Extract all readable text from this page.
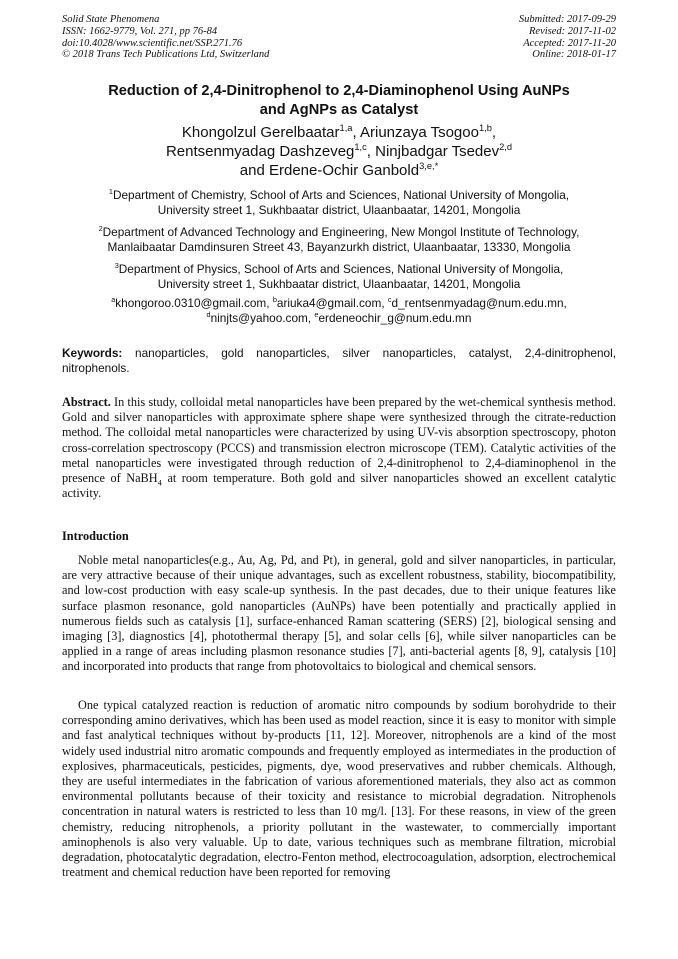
Solid State Phenomena
ISSN: 1662-9779, Vol. 271, pp 76-84
doi:10.4028/www.scientific.net/SSP.271.76
© 2018 Trans Tech Publications Ltd, Switzerland
Submitted: 2017-09-29
Revised: 2017-11-02
Accepted: 2017-11-20
Online: 2018-01-17
Reduction of 2,4-Dinitrophenol to 2,4-Diaminophenol Using AuNPs
and AgNPs as Catalyst
Khongolzul Gerelbaatar$^{1,a}$, Ariunzaya Tsogoo$^{1,b}$,
Rentsenmyadag Dashzeveg$^{1,c}$, Ninjbadgar Tsedev$^{2,d}$
and Erdene-Ochir Ganbold$^{3,e,*}$
$^1$Department of Chemistry, School of Arts and Sciences, National University of Mongolia,
University street 1, Sukhbaatar district, Ulaanbaatar, 14201, Mongolia
$^2$Department of Advanced Technology and Engineering, New Mongol Institute of Technology,
Manlaibaatar Damdinsuren Street 43, Bayanzurkh district, Ulaanbaatar, 13330, Mongolia
$^3$Department of Physics, School of Arts and Sciences, National University of Mongolia,
University street 1, Sukhbaatar district, Ulaanbaatar, 14201, Mongolia
$^a$khongoroo.0310@gmail.com, $^b$ariuka4@gmail.com, $^c$d_rentsenmyadag@num.edu.mn,
$^d$ninjts@yahoo.com, $^e$erdeneochir_g@num.edu.mn
Keywords: nanoparticles, gold nanoparticles, silver nanoparticles, catalyst, 2,4-dinitrophenol, nitrophenols.
Abstract. In this study, colloidal metal nanoparticles have been prepared by the wet-chemical synthesis method. Gold and silver nanoparticles with approximate sphere shape were synthesized through the citrate-reduction method. The colloidal metal nanoparticles were characterized by using UV-vis absorption spectroscopy, photon cross-correlation spectroscopy (PCCS) and transmission electron microscope (TEM). Catalytic activities of the metal nanoparticles were investigated through reduction of 2,4-dinitrophenol to 2,4-diaminophenol in the presence of NaBH$_4$ at room temperature. Both gold and silver nanoparticles showed an excellent catalytic activity.
Introduction
Noble metal nanoparticles(e.g., Au, Ag, Pd, and Pt), in general, gold and silver nanoparticles, in particular, are very attractive because of their unique advantages, such as excellent robustness, stability, biocompatibility, and low-cost production with easy scale-up synthesis. In the past decades, due to their unique features like surface plasmon resonance, gold nanoparticles (AuNPs) have been potentially and practically applied in numerous fields such as catalysis [1], surface-enhanced Raman scattering (SERS) [2], biological sensing and imaging [3], diagnostics [4], photothermal therapy [5], and solar cells [6], while silver nanoparticles can be applied in a range of areas including plasmon resonance studies [7], anti-bacterial agents [8, 9], catalysis [10] and incorporated into products that range from photovoltaics to biological and chemical sensors.
One typical catalyzed reaction is reduction of aromatic nitro compounds by sodium borohydride to their corresponding amino derivatives, which has been used as model reaction, since it is easy to monitor with simple and fast analytical techniques without by-products [11, 12]. Moreover, nitrophenols are a kind of the most widely used industrial nitro aromatic compounds and frequently employed as intermediates in the production of explosives, pharmaceuticals, pesticides, pigments, dye, wood preservatives and rubber chemicals. Although, they are useful intermediates in the fabrication of various aforementioned materials, they also act as common environmental pollutants because of their toxicity and resistance to microbial degradation. Nitrophenols concentration in natural waters is restricted to less than 10 mg/l. [13]. For these reasons, in view of the green chemistry, reducing nitrophenols, a priority pollutant in the wastewater, to commercially important aminophenols is also very valuable. Up to date, various techniques such as membrane filtration, microbial degradation, photocatalytic degradation, electro-Fenton method, electrocoagulation, adsorption, electrochemical treatment and chemical reduction have been reported for removing
